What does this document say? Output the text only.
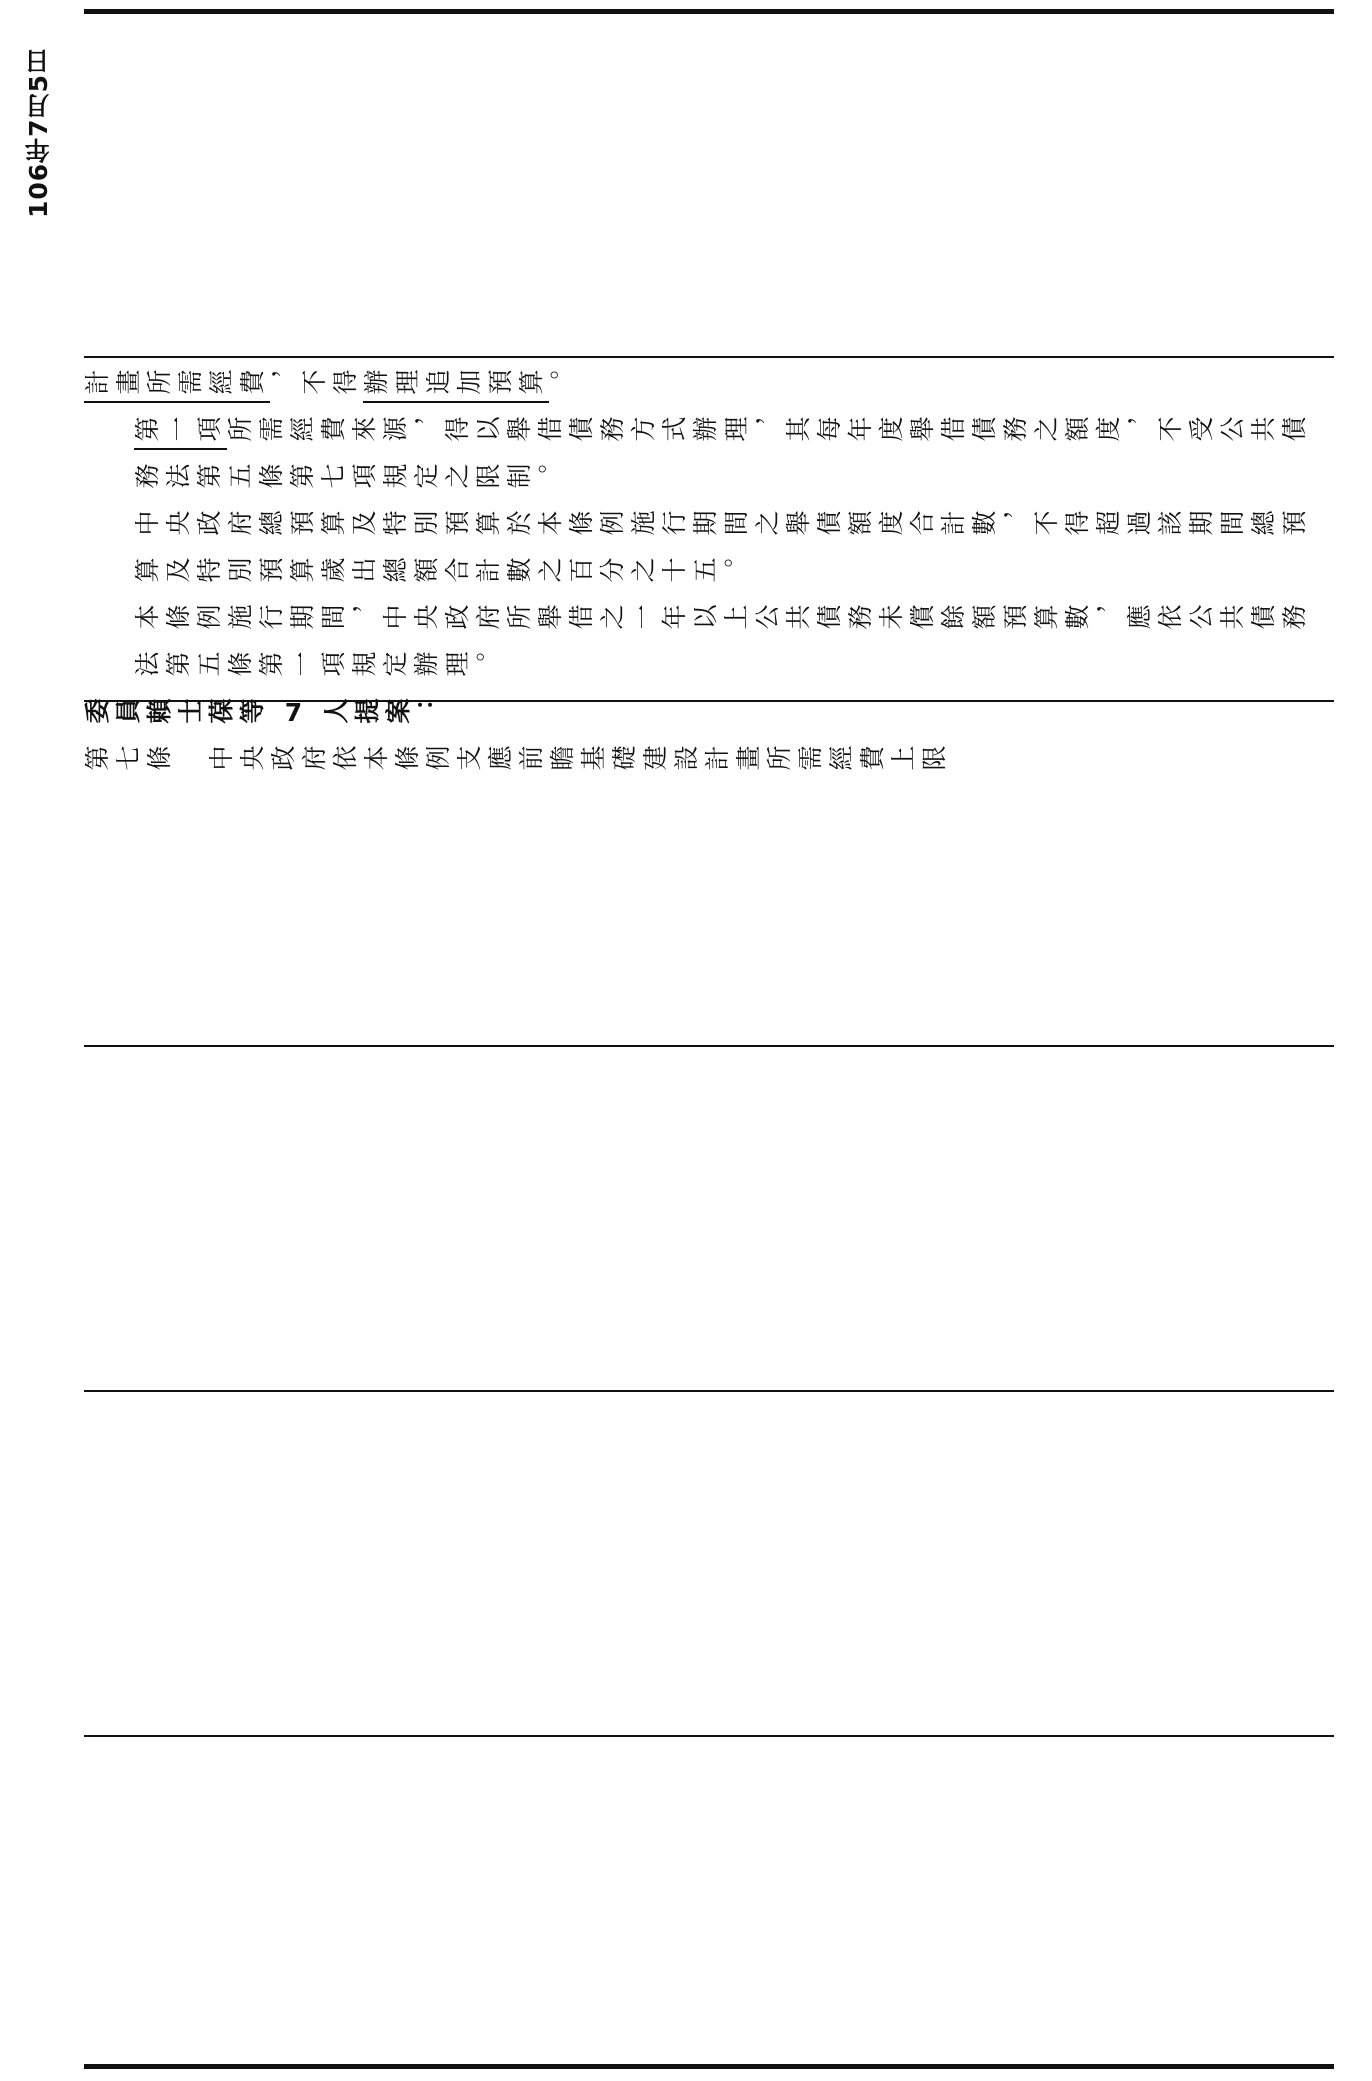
106年7月5日

計畫所需經費，不得辦理追加預算。

第一項所需經費來源，得以舉借債務方式辦理，其每年度舉借債務之額度，不受公共債務法第五條第七項規定之限制。

中央政府總預算及特別預算於本條例施行期間之舉債額度合計數，不得超過該期間總預算及特別預算歲出總額合計數之百分之十五。

本條例施行期間，中央政府所舉借之一年以上公共債務未償餘額預算數，應依公共債務法第五條第一項規定辦理。

委員賴士葆等 7 人提案：

第七條　 中央政府依本條例支應前瞻基礎建設計畫所需經費上限
